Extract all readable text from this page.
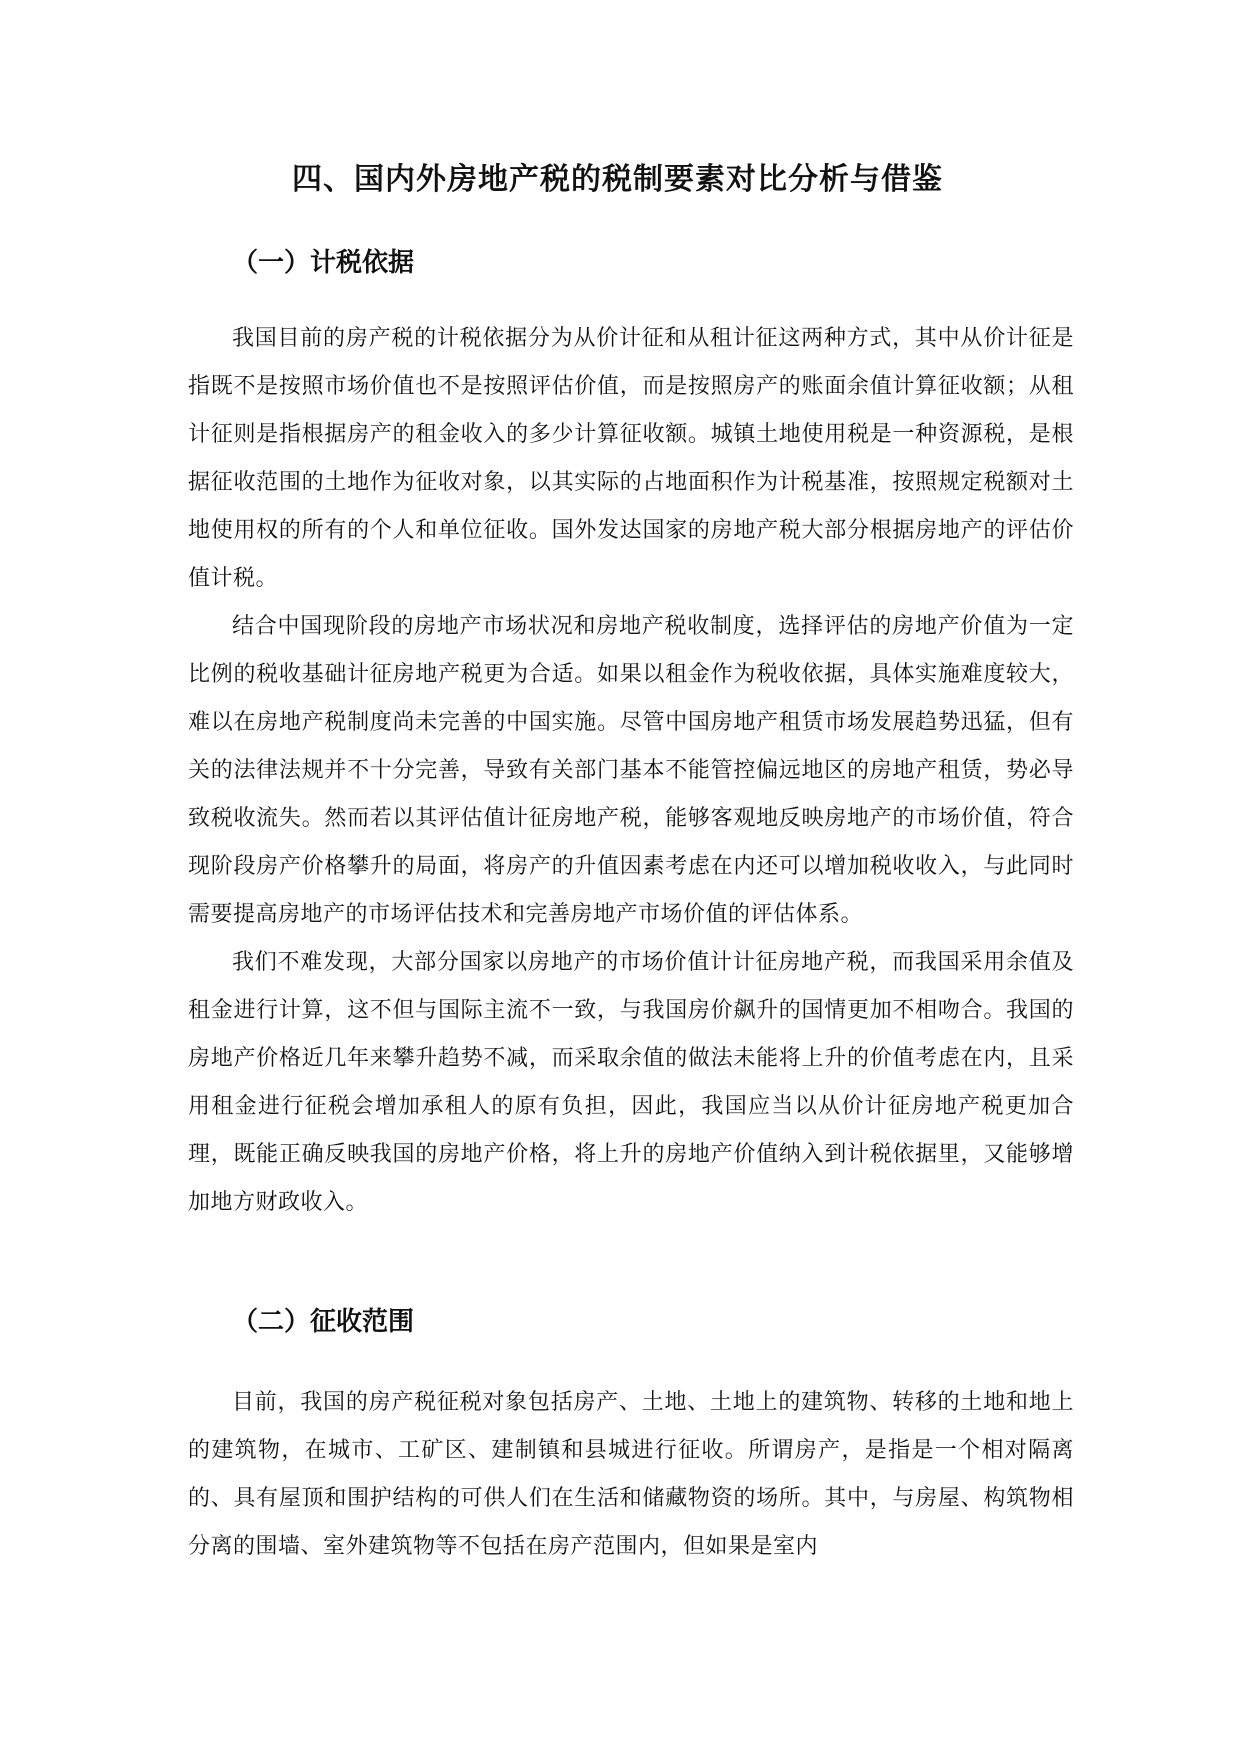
四、国内外房地产税的税制要素对比分析与借鉴
（一）计税依据

我国目前的房产税的计税依据分为从价计征和从租计征这两种方式，其中从价计征是指既不是按照市场价值也不是按照评估价值，而是按照房产的账面余值计算征收额；从租计征则是指根据房产的租金收入的多少计算征收额。城镇土地使用税是一种资源税，是根据征收范围的土地作为征收对象，以其实际的占地面积作为计税基准，按照规定税额对土地使用权的所有的个人和单位征收。国外发达国家的房地产税大部分根据房地产的评估价值计税。

结合中国现阶段的房地产市场状况和房地产税收制度，选择评估的房地产价值为一定比例的税收基础计征房地产税更为合适。如果以租金作为税收依据，具体实施难度较大，难以在房地产税制度尚未完善的中国实施。尽管中国房地产租赁市场发展趋势迅猛，但有关的法律法规并不十分完善，导致有关部门基本不能管控偏远地区的房地产租赁，势必导致税收流失。然而若以其评估值计征房地产税，能够客观地反映房地产的市场价值，符合现阶段房产价格攀升的局面，将房产的升值因素考虑在内还可以增加税收收入，与此同时需要提高房地产的市场评估技术和完善房地产市场价值的评估体系。

我们不难发现，大部分国家以房地产的市场价值计计征房地产税，而我国采用余值及租金进行计算，这不但与国际主流不一致，与我国房价飙升的国情更加不相吻合。我国的房地产价格近几年来攀升趋势不减，而采取余值的做法未能将上升的价值考虑在内，且采用租金进行征税会增加承租人的原有负担，因此，我国应当以从价计征房地产税更加合理，既能正确反映我国的房地产价格，将上升的房地产价值纳入到计税依据里，又能够增加地方财政收入。

（二）征收范围

目前，我国的房产税征税对象包括房产、土地、土地上的建筑物、转移的土地和地上的建筑物，在城市、工矿区、建制镇和县城进行征收。所谓房产，是指是一个相对隔离的、具有屋顶和围护结构的可供人们在生活和储藏物资的场所。其中，与房屋、构筑物相分离的围墙、室外建筑物等不包括在房产范围内，但如果是室内
